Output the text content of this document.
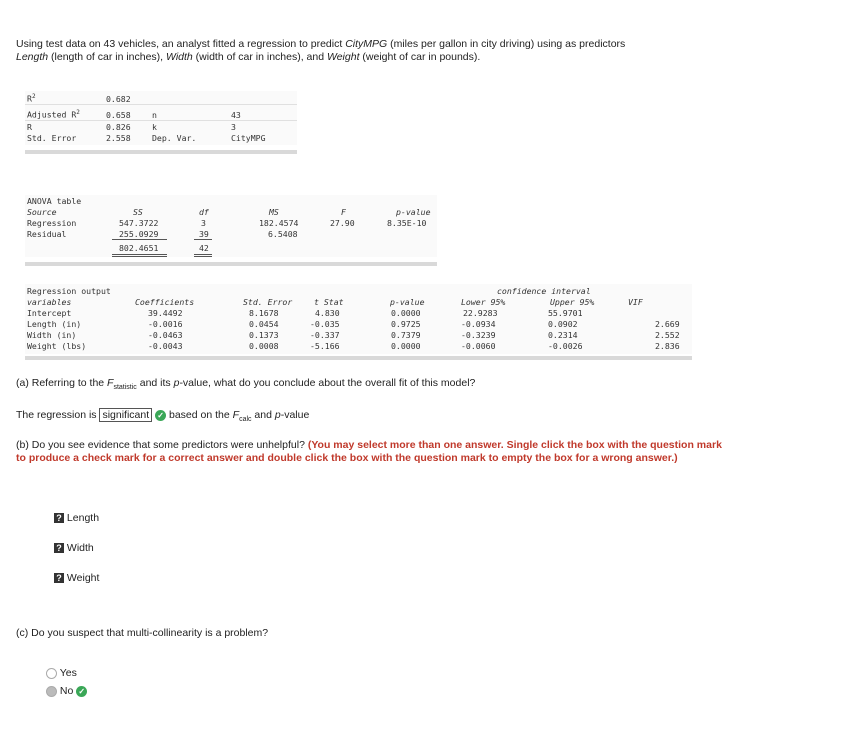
Using test data on 43 vehicles, an analyst fitted a regression to predict CityMPG (miles per gallon in city driving) using as predictors
Length (length of car in inches), Width (width of car in inches), and Weight (weight of car in pounds).
$R^2$	0.682
Adjusted $R^2$	0.658	n	43
R	0.826	k	3
Std. Error	2.558	Dep. Var.	CityMPG
ANOVA table
Source	SS	df	MS	F	p-value
Regression	547.3722	3	182.4574	27.90	8.35E-10
Residual	255.0929	39	6.5408
802.4651	42
Regression output	confidence interval
variables	Coefficients	Std. Error	t Stat	p-value	Lower 95%	Upper 95%	VIF
Intercept	39.4492	8.1678	4.830	0.0000	22.9283	55.9701
Length (in)	-0.0016	0.0454	-0.035	0.9725	-0.0934	0.0902	2.669
Width (in)	-0.0463	0.1373	-0.337	0.7379	-0.3239	0.2314	2.552
Weight (lbs)	-0.0043	0.0008	-5.166	0.0000	-0.0060	-0.0026	2.836
(a) Referring to the $F_{statistic}$ and its p-value, what do you conclude about the overall fit of this model?
The regression is significant ✓ based on the $F_{calc}$ and p-value
(b) Do you see evidence that some predictors were unhelpful? (You may select more than one answer. Single click the box with the question mark to produce a check mark for a correct answer and double click the box with the question mark to empty the box for a wrong answer.)
? Length
? Width
? Weight
(c) Do you suspect that multi-collinearity is a problem?
Yes
No ✓
